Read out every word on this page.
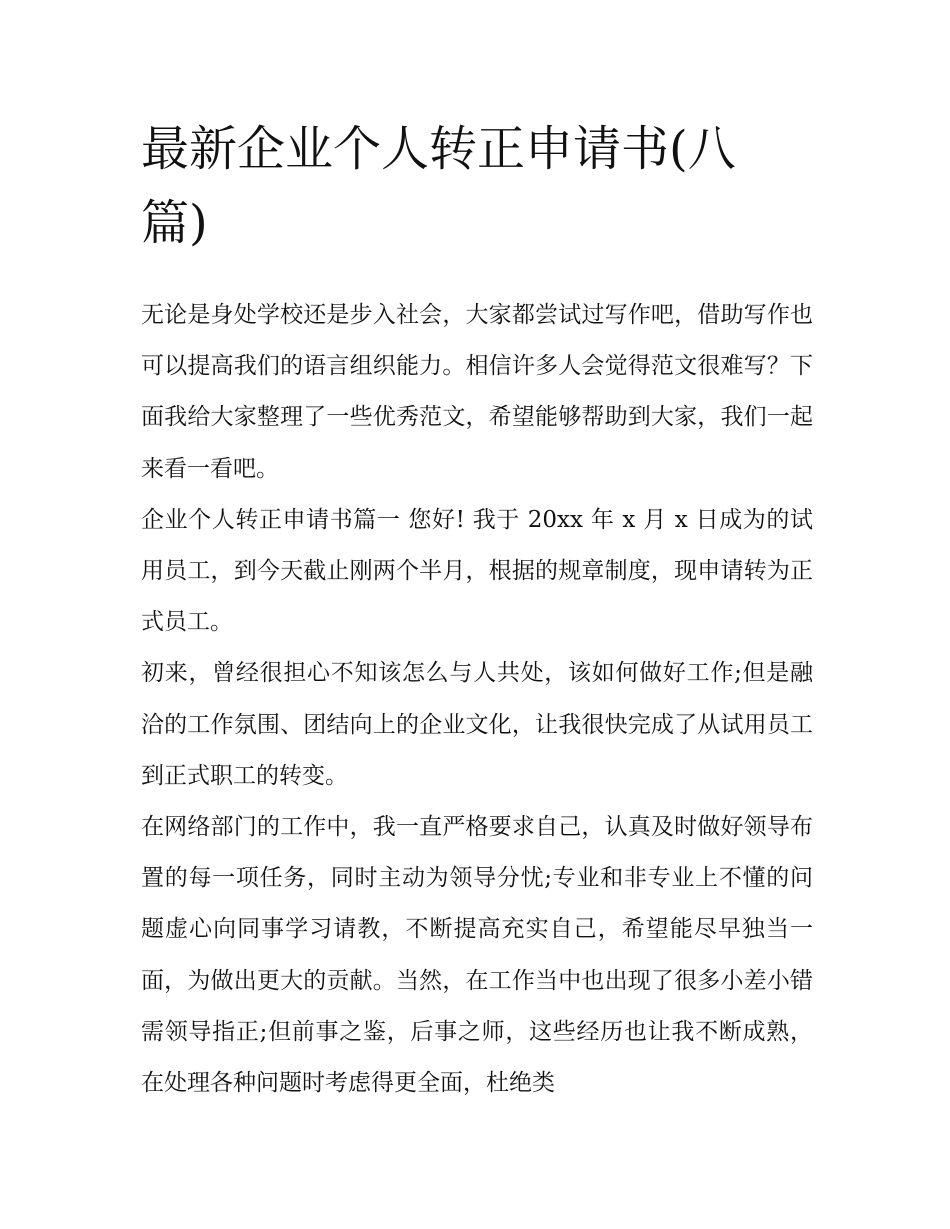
最新企业个人转正申请书(八篇)

无论是身处学校还是步入社会，大家都尝试过写作吧，借助写作也可以提高我们的语言组织能力。相信许多人会觉得范文很难写？下面我给大家整理了一些优秀范文，希望能够帮助到大家，我们一起来看一看吧。

企业个人转正申请书篇一 您好! 我于 20xx 年 x 月 x 日成为的试用员工，到今天截止刚两个半月，根据的规章制度，现申请转为正式员工。

初来，曾经很担心不知该怎么与人共处，该如何做好工作;但是融洽的工作氛围、团结向上的企业文化，让我很快完成了从试用员工到正式职工的转变。

在网络部门的工作中，我一直严格要求自己，认真及时做好领导布置的每一项任务，同时主动为领导分忧;专业和非专业上不懂的问题虚心向同事学习请教，不断提高充实自己，希望能尽早独当一面，为做出更大的贡献。当然，在工作当中也出现了很多小差小错需领导指正;但前事之鉴，后事之师，这些经历也让我不断成熟，在处理各种问题时考虑得更全面，杜绝类
